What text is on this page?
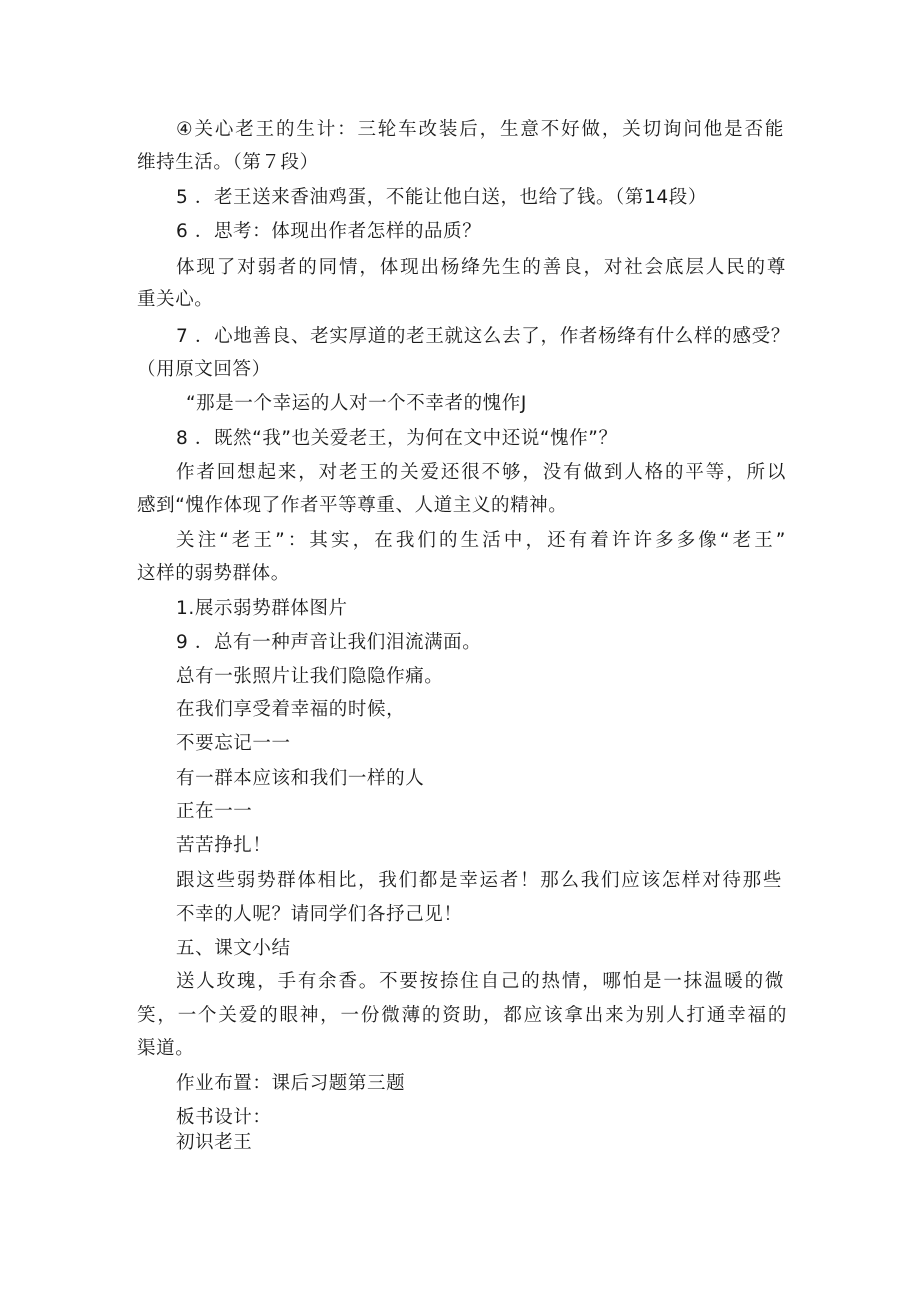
④关心老王的生计：三轮车改装后，生意不好做，关切询问他是否能
维持生活。（第７段）
5 ．老王送来香油鸡蛋，不能让他白送，也给了钱。（第14段）
6 ．思考：体现出作者怎样的品质？
体现了对弱者的同情，体现出杨绛先生的善良，对社会底层人民的尊
重关心。
7 ．心地善良、老实厚道的老王就这么去了，作者杨绛有什么样的感受？
（用原文回答）
“那是一个幸运的人对一个不幸者的愧作J
8 ．既然“我”也关爱老王，为何在文中还说“愧作”？
作者回想起来，对老王的关爱还很不够，没有做到人格的平等，所以
感到“愧作体现了作者平等尊重、人道主义的精神。
关注“老王”：其实，在我们的生活中，还有着许许多多像“老王”
这样的弱势群体。
1.展示弱势群体图片
9 ．总有一种声音让我们泪流满面。
总有一张照片让我们隐隐作痛。
在我们享受着幸福的时候，
不要忘记一一
有一群本应该和我们一样的人
正在一一
苦苦挣扎！
跟这些弱势群体相比，我们都是幸运者！那么我们应该怎样对待那些
不幸的人呢？请同学们各抒己见！
五、课文小结
送人玫瑰，手有余香。不要按捺住自己的热情，哪怕是一抹温暖的微
笑，一个关爱的眼神，一份微薄的资助，都应该拿出来为别人打通幸福的
渠道。
作业布置：课后习题第三题
板书设计：
初识老王
